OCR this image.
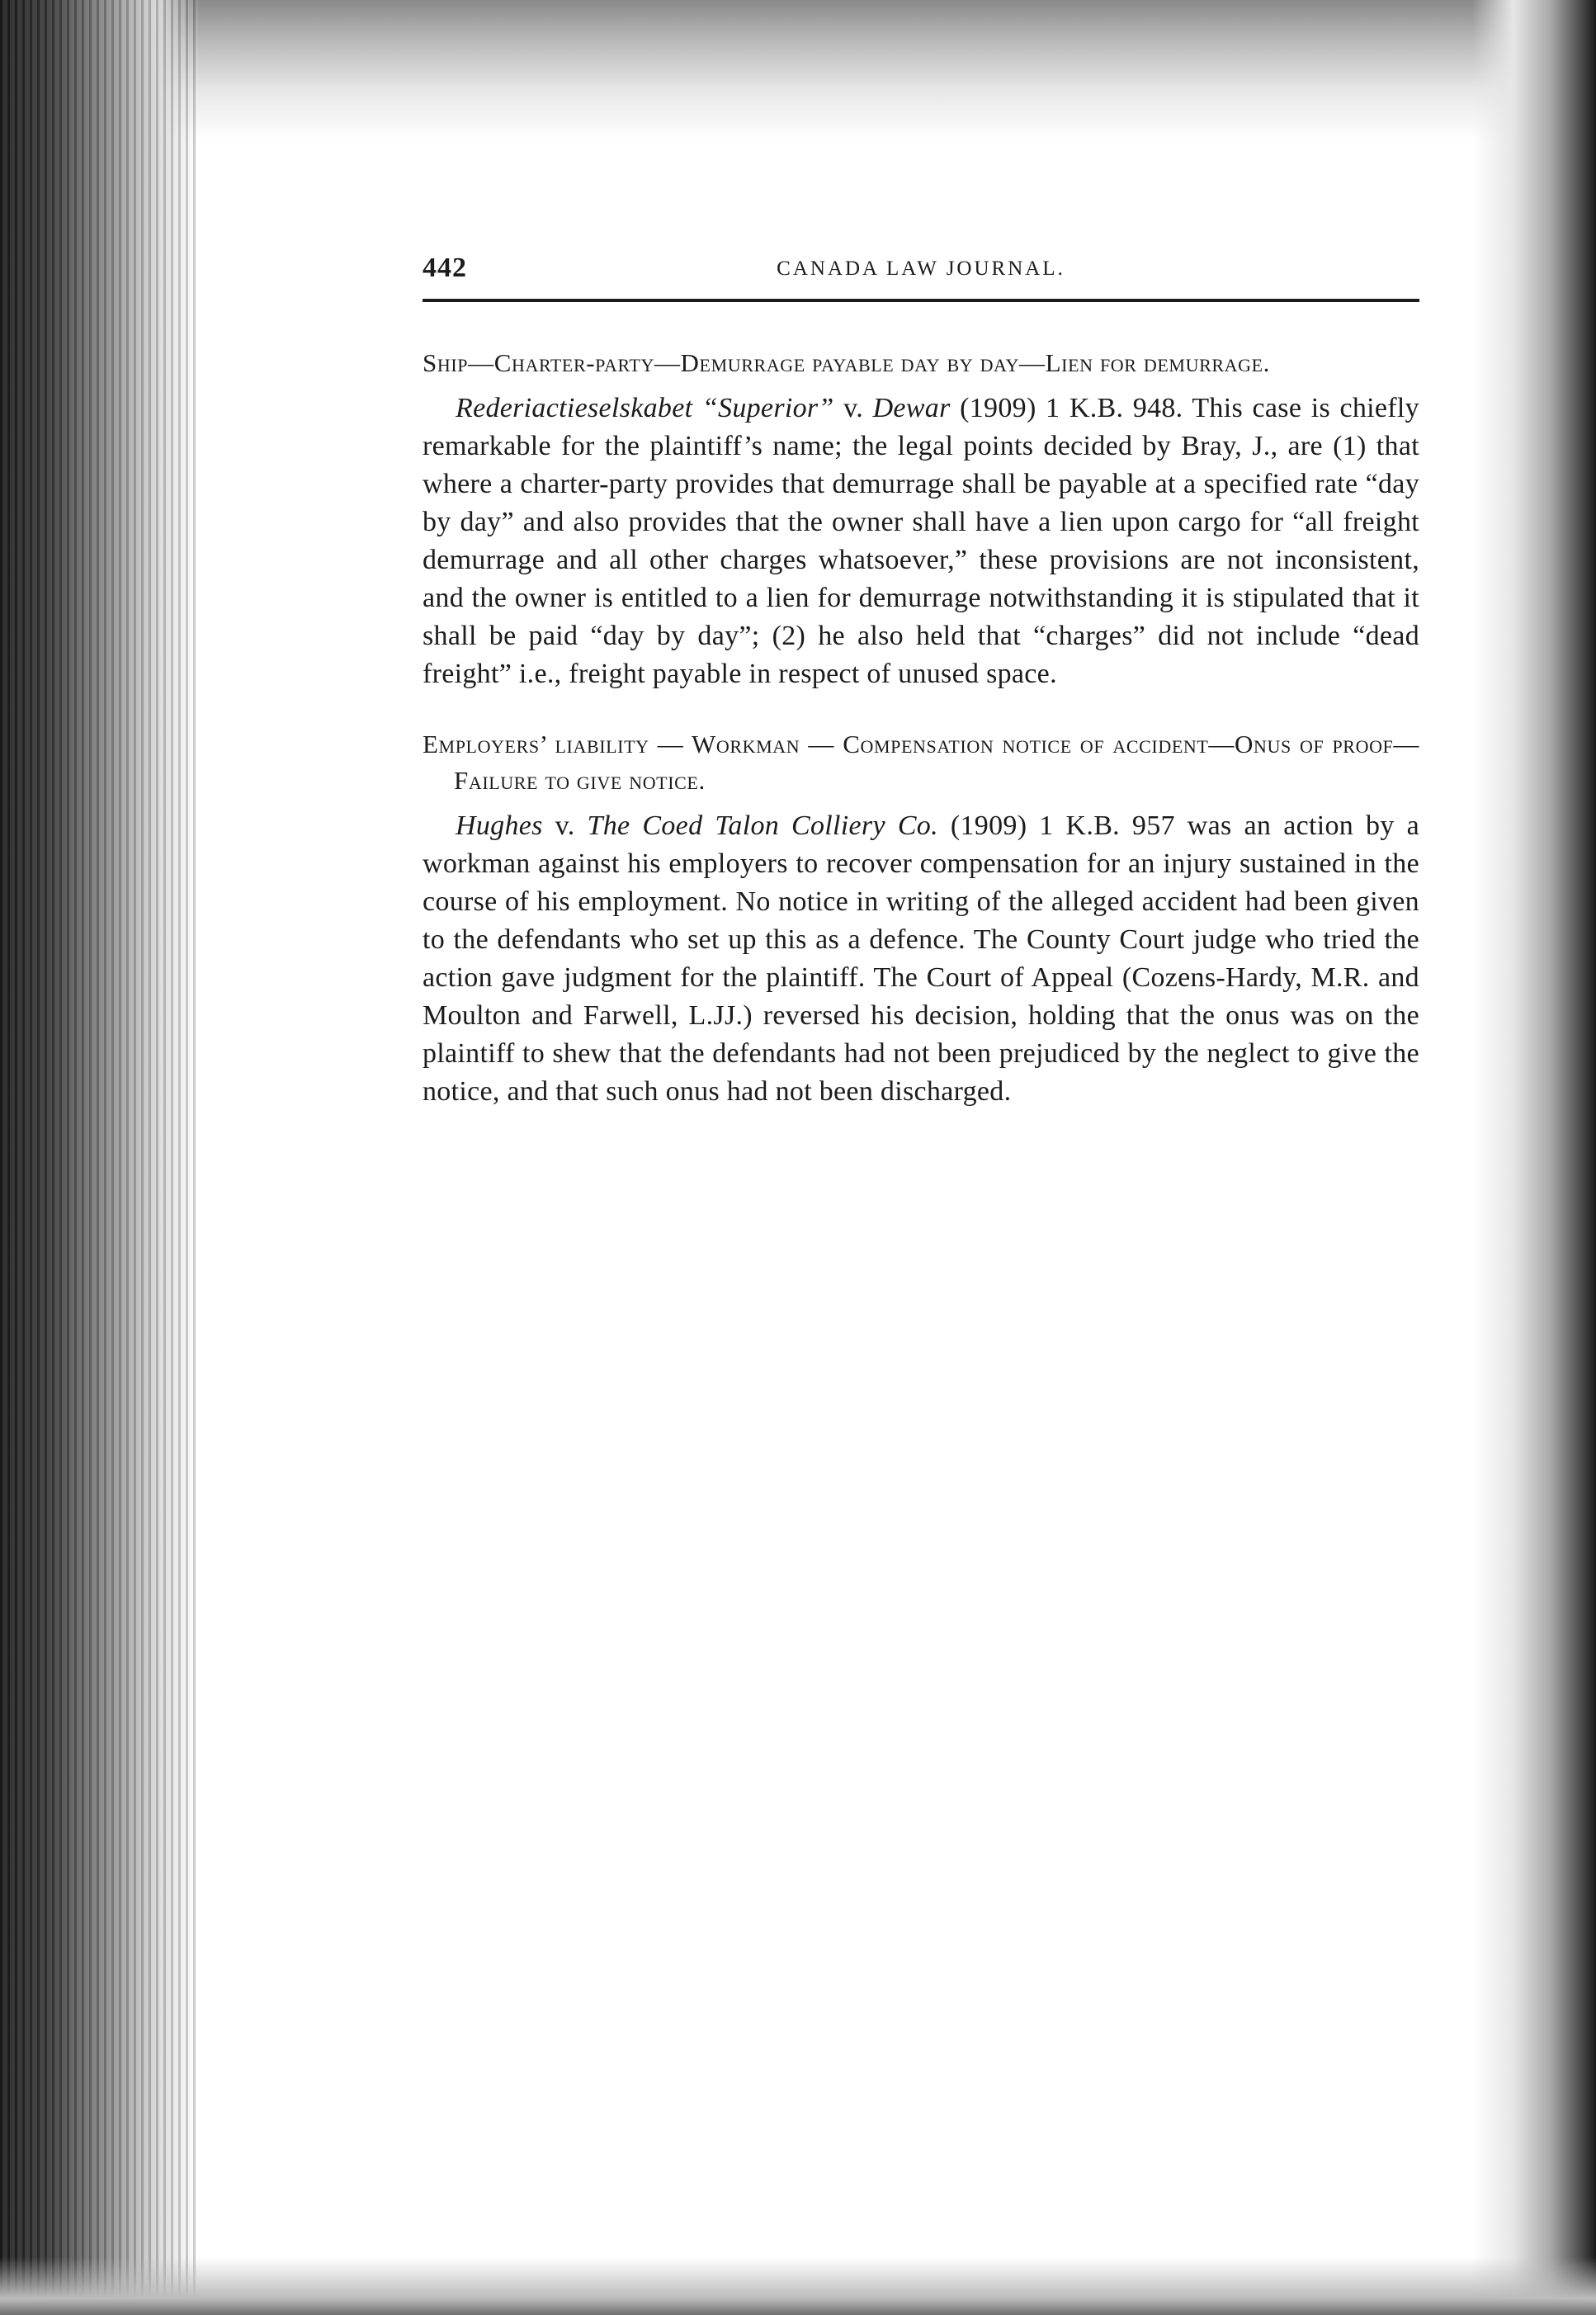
442	CANADA LAW JOURNAL.
Ship—Charter-party—Demurrage payable day by day—Lien for demurrage.

Rederiactieselskabet “Superior” v. Dewar (1909) 1 K.B. 948. This case is chiefly remarkable for the plaintiff’s name; the legal points decided by Bray, J., are (1) that where a charter-party provides that demurrage shall be payable at a specified rate “day by day” and also provides that the owner shall have a lien upon cargo for “all freight demurrage and all other charges whatsoever,” these provisions are not inconsistent, and the owner is entitled to a lien for demurrage notwithstanding it is stipulated that it shall be paid “day by day”; (2) he also held that “charges” did not include “dead freight” i.e., freight payable in respect of unused space.

Employers’ liability — Workman — Compensation notice of accident—Onus of proof—Failure to give notice.

Hughes v. The Coed Talon Colliery Co. (1909) 1 K.B. 957 was an action by a workman against his employers to recover compensation for an injury sustained in the course of his employment. No notice in writing of the alleged accident had been given to the defendants who set up this as a defence. The County Court judge who tried the action gave judgment for the plaintiff. The Court of Appeal (Cozens-Hardy, M.R. and Moulton and Farwell, L.JJ.) reversed his decision, holding that the onus was on the plaintiff to shew that the defendants had not been prejudiced by the neglect to give the notice, and that such onus had not been discharged.
